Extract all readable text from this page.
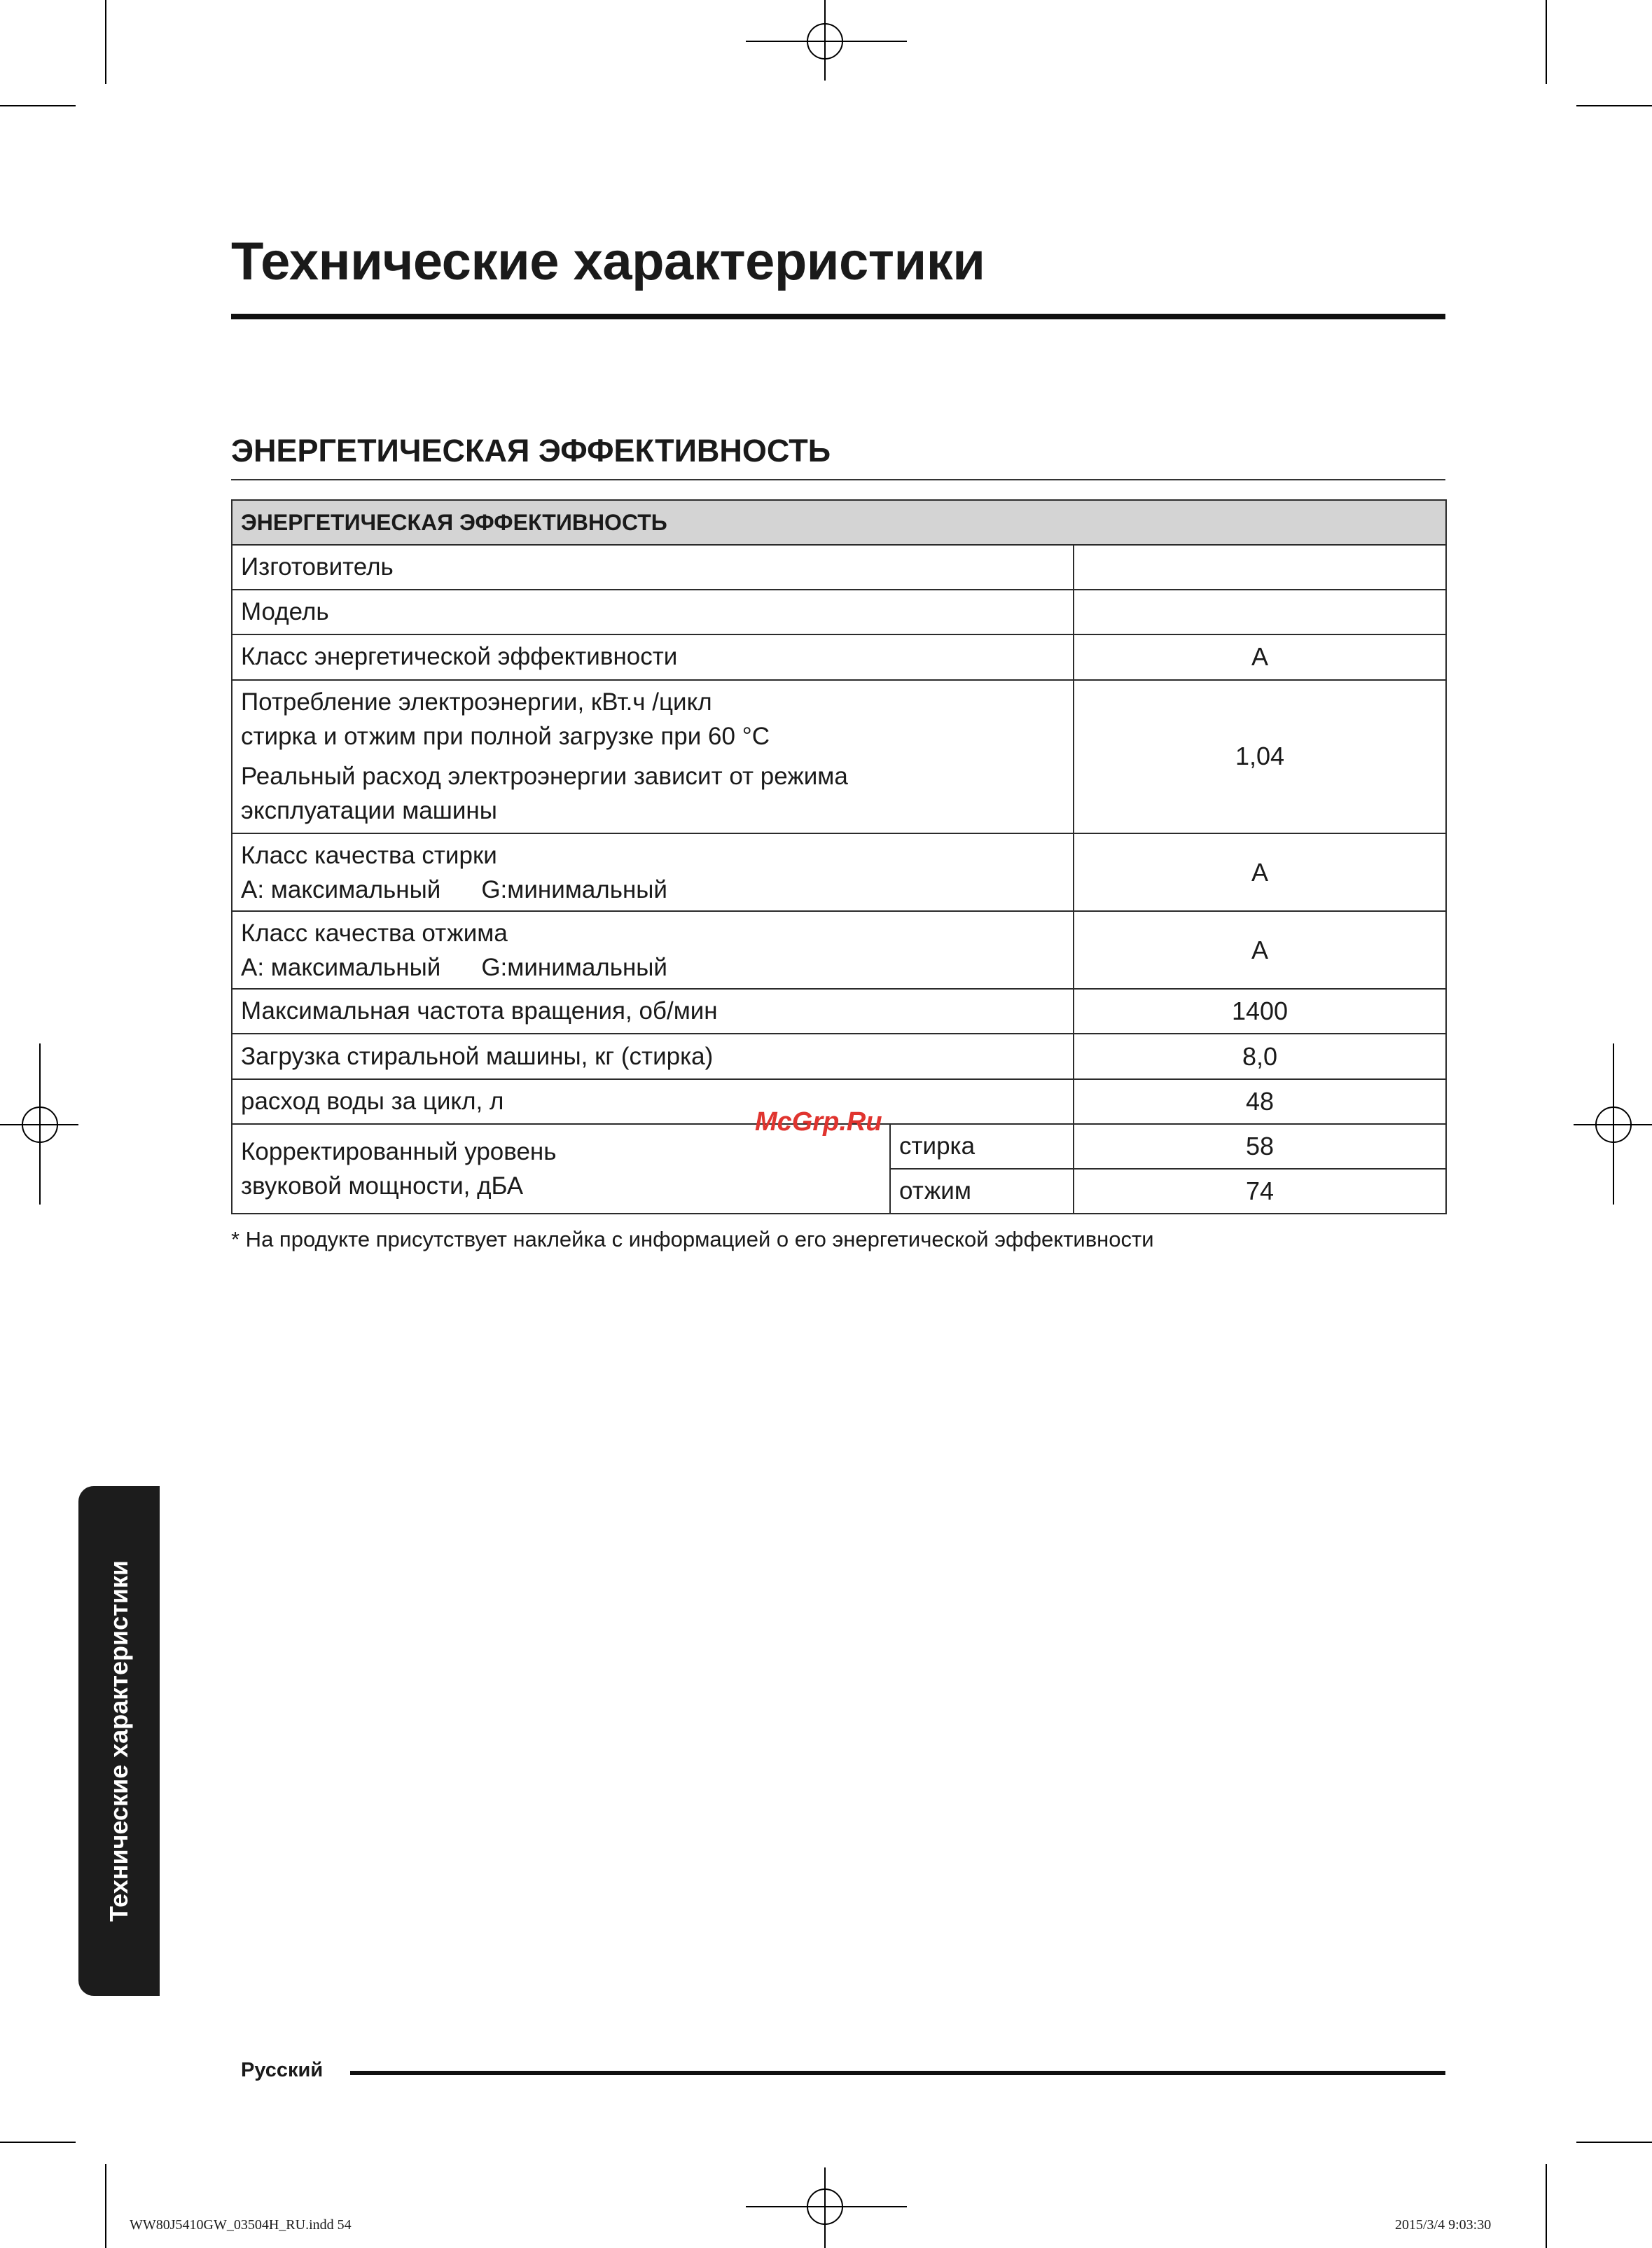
Технические характеристики
ЭНЕРГЕТИЧЕСКАЯ ЭФФЕКТИВНОСТЬ
ЭНЕРГЕТИЧЕСКАЯ ЭФФЕКТИВНОСТЬ		
Изготовитель		
Модель		
Класс энергетической эффективности		A

Потребление электроэнергии, кВт.ч /цикл
стирка и отжим при полной загрузке при 60 °C
Реальный расход электроэнергии зависит от режима
эксплуатации машины		1,04

Класс качества стирки
A: максимальный G:минимальный		A

Класс качества отжима
A: максимальный G:минимальный		A
Максимальная частота вращения, об/мин		1400
Загрузка стиральной машины, кг (стирка)		8,0
расход воды за цикл, л		48

Корректированный уровень
звуковой мощности, дБА	стирка	58
	отжим	74
McGrp.Ru

* На продукте присутствует наклейка с информацией о его энергетической эффективности

Технические характеристики
Русский
WW80J5410GW_03504H_RU.indd 54	2015/3/4 9:03:30
